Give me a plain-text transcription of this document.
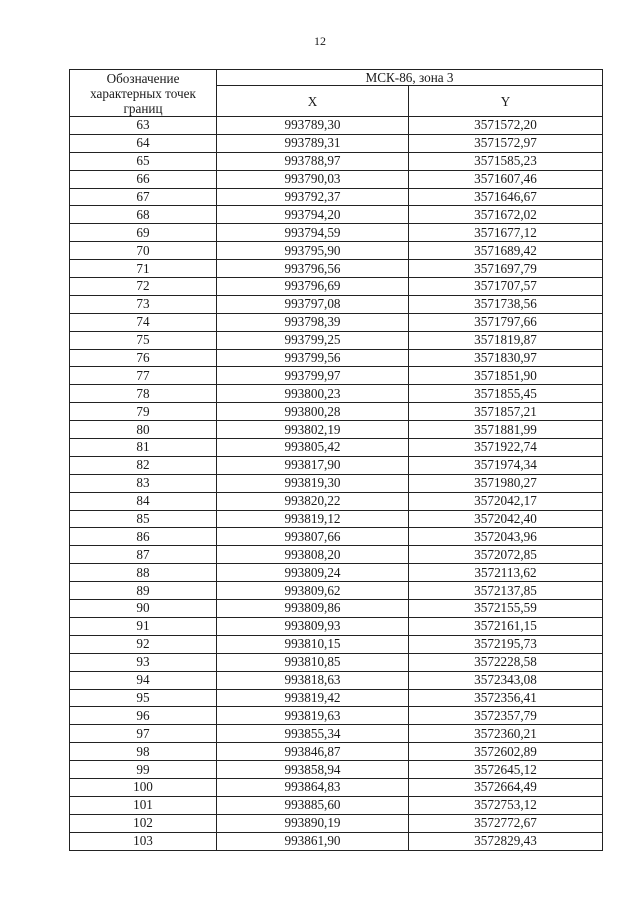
12
Обозначение характерных точек границ	МСК-86, зона 3	
	X	Y
63	993789,30	3571572,20
64	993789,31	3571572,97
65	993788,97	3571585,23
66	993790,03	3571607,46
67	993792,37	3571646,67
68	993794,20	3571672,02
69	993794,59	3571677,12
70	993795,90	3571689,42
71	993796,56	3571697,79
72	993796,69	3571707,57
73	993797,08	3571738,56
74	993798,39	3571797,66
75	993799,25	3571819,87
76	993799,56	3571830,97
77	993799,97	3571851,90
78	993800,23	3571855,45
79	993800,28	3571857,21
80	993802,19	3571881,99
81	993805,42	3571922,74
82	993817,90	3571974,34
83	993819,30	3571980,27
84	993820,22	3572042,17
85	993819,12	3572042,40
86	993807,66	3572043,96
87	993808,20	3572072,85
88	993809,24	3572113,62
89	993809,62	3572137,85
90	993809,86	3572155,59
91	993809,93	3572161,15
92	993810,15	3572195,73
93	993810,85	3572228,58
94	993818,63	3572343,08
95	993819,42	3572356,41
96	993819,63	3572357,79
97	993855,34	3572360,21
98	993846,87	3572602,89
99	993858,94	3572645,12
100	993864,83	3572664,49
101	993885,60	3572753,12
102	993890,19	3572772,67
103	993861,90	3572829,43
